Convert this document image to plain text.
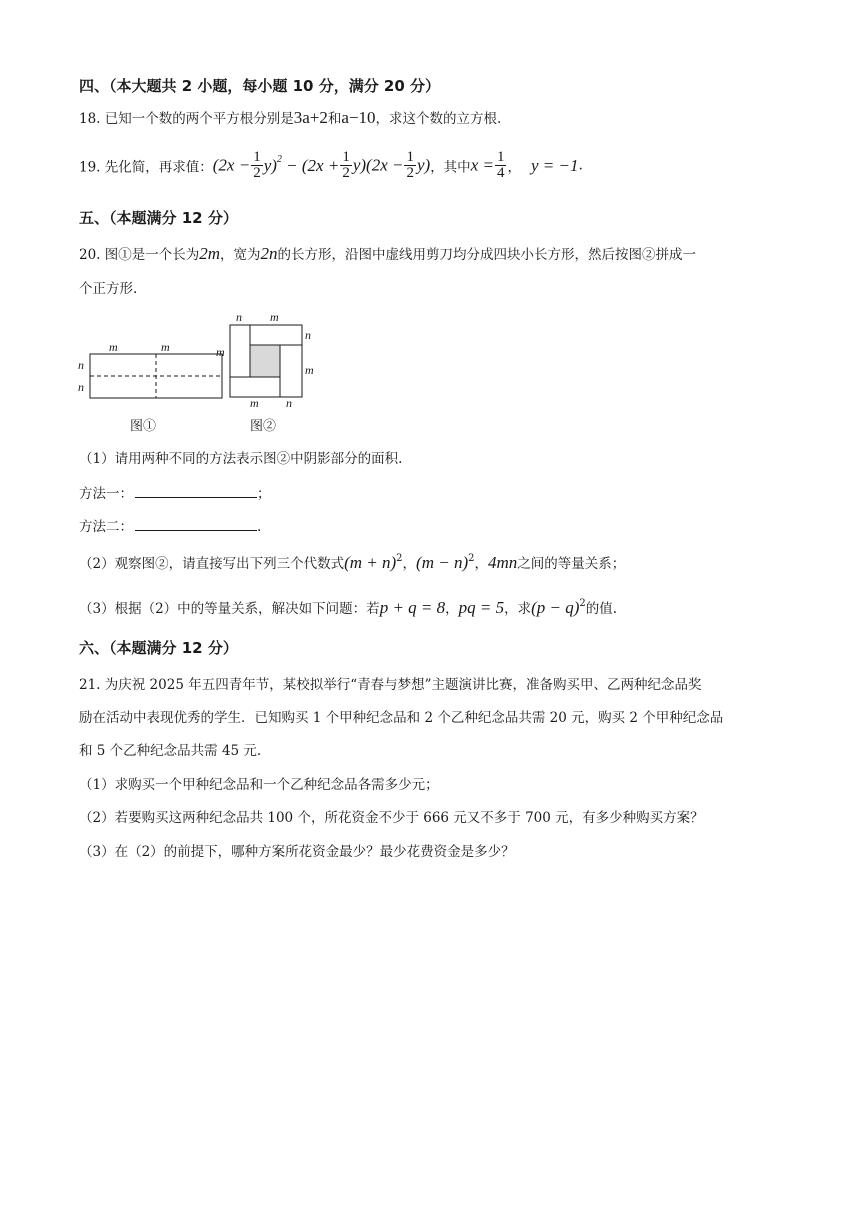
四、（本大题共 2 小题，每小题 10 分，满分 20 分）
18. 已知一个数的两个平方根分别是3a+2和a−10，求这个数的立方根.
19. 先化简，再求值：$(2x - \frac{1}{2} y)^2 - (2x + \frac{1}{2} y)(2x - \frac{1}{2} y)$，其中$x = \frac{1}{4}$ ， y = −1.
五、（本题满分 12 分）
20. 图①是一个长为2m，宽为2n的长方形，沿图中虚线用剪刀均分成四块小长方形，然后按图②拼成一
个正方形.
m	m
n
n
图①
n m
n
m
m
m n
图②
（1）请用两种不同的方法表示图②中阴影部分的面积.
方法一：	；
方法二：	.
（2）观察图②，请直接写出下列三个代数式$(m + n)^2$，$(m - n)^2$，4mn之间的等量关系；
（3）根据（2）中的等量关系，解决如下问题：若p + q = 8，pq = 5，求$(p - q)^2$的值.
六、（本题满分 12 分）
21. 为庆祝 2025 年五四青年节，某校拟举行“青春与梦想”主题演讲比赛，准备购买甲、乙两种纪念品奖
励在活动中表现优秀的学生．已知购买 1 个甲种纪念品和 2 个乙种纪念品共需 20 元，购买 2 个甲种纪念品
和 5 个乙种纪念品共需 45 元.
（1）求购买一个甲种纪念品和一个乙种纪念品各需多少元；
（2）若要购买这两种纪念品共 100 个，所花资金不少于 666 元又不多于 700 元，有多少种购买方案？
（3）在（2）的前提下，哪种方案所花资金最少？最少花费资金是多少？
